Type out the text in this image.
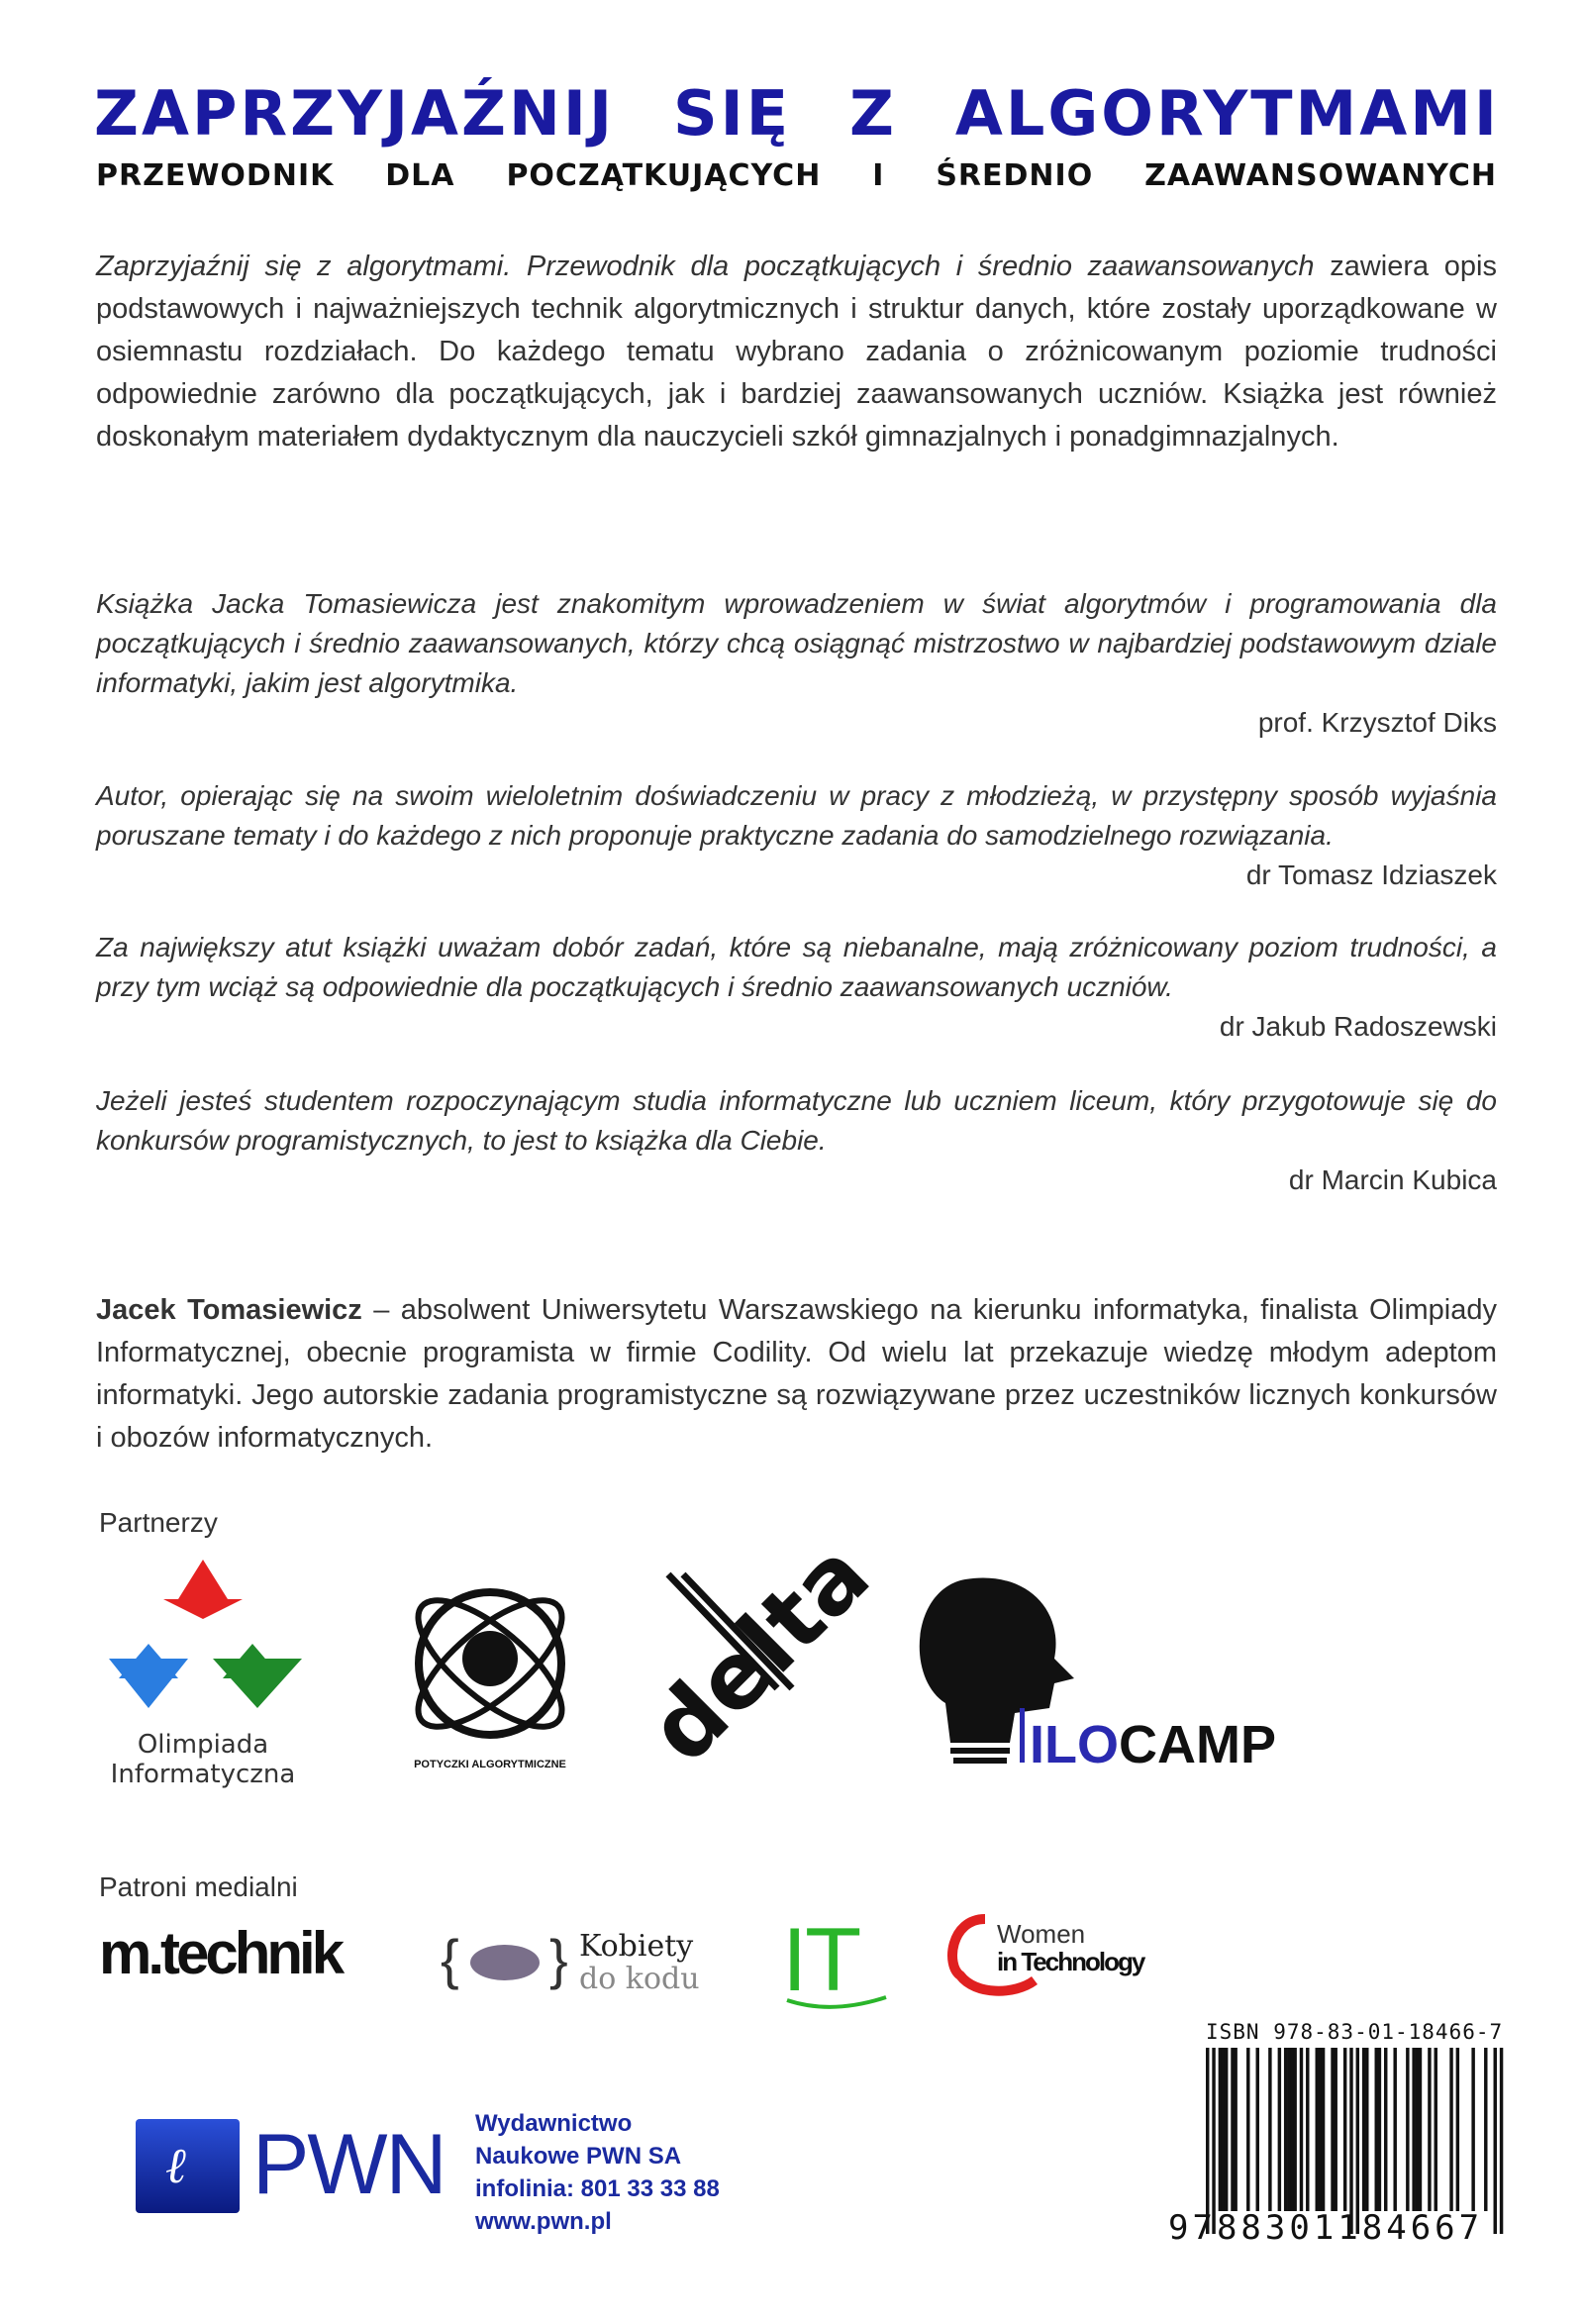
ZAPRZYJAŹNIJ SIĘ Z ALGORYTMAMI
PRZEWODNIK DLA POCZĄTKUJĄCYCH I ŚREDNIO ZAAWANSOWANYCH

Zaprzyjaźnij się z algorytmami. Przewodnik dla początkujących i średnio zaawansowanych zawiera opis podstawowych i najważniejszych technik algorytmicznych i struktur danych, które zostały uporządkowane w osiemnastu rozdziałach. Do każdego tematu wybrano zadania o zróżnicowanym poziomie trudności odpowiednie zarówno dla początkujących, jak i bardziej zaawansowanych uczniów. Książka jest również doskonałym materiałem dydaktycznym dla nauczycieli szkół gimnazjalnych i ponadgimnazjalnych.

Książka Jacka Tomasiewicza jest znakomitym wprowadzeniem w świat algorytmów i programowania dla początkujących i średnio zaawansowanych, którzy chcą osiągnąć mistrzostwo w najbardziej podstawowym dziale informatyki, jakim jest algorytmika.
prof. Krzysztof Diks
Autor, opierając się na swoim wieloletnim doświadczeniu w pracy z młodzieżą, w przystępny sposób wyjaśnia poruszane tematy i do każdego z nich proponuje praktyczne zadania do samodzielnego rozwiązania.
dr Tomasz Idziaszek
Za największy atut książki uważam dobór zadań, które są niebanalne, mają zróżnicowany poziom trudności, a przy tym wciąż są odpowiednie dla początkujących i średnio zaawansowanych uczniów.
dr Jakub Radoszewski
Jeżeli jesteś studentem rozpoczynającym studia informatyczne lub uczniem liceum, który przygotowuje się do konkursów programistycznych, to jest to książka dla Ciebie.
dr Marcin Kubica

Jacek Tomasiewicz – absolwent Uniwersytetu Warszawskiego na kierunku informatyka, finalista Olimpiady Informatycznej, obecnie programista w firmie Codility. Od wielu lat przekazuje wiedzę młodym adeptom informatyki. Jego autorskie zadania programistyczne są rozwiązywane przez uczestników licznych konkursów i obozów informatycznych.

Partnerzy
Olimpiada
Informatyczna	POTYCZKI ALGORYTMICZNE delta	ILOCAMP
Patroni medialni
m.technik { } Kobiety
do kodu IT	Women
in Technology
ℓ PWN Wydawnictwo
Naukowe PWN SA
infolinia: 801 33 33 88
www.pwn.pl
ISBN 978-83-01-18466-7
9788301184667
